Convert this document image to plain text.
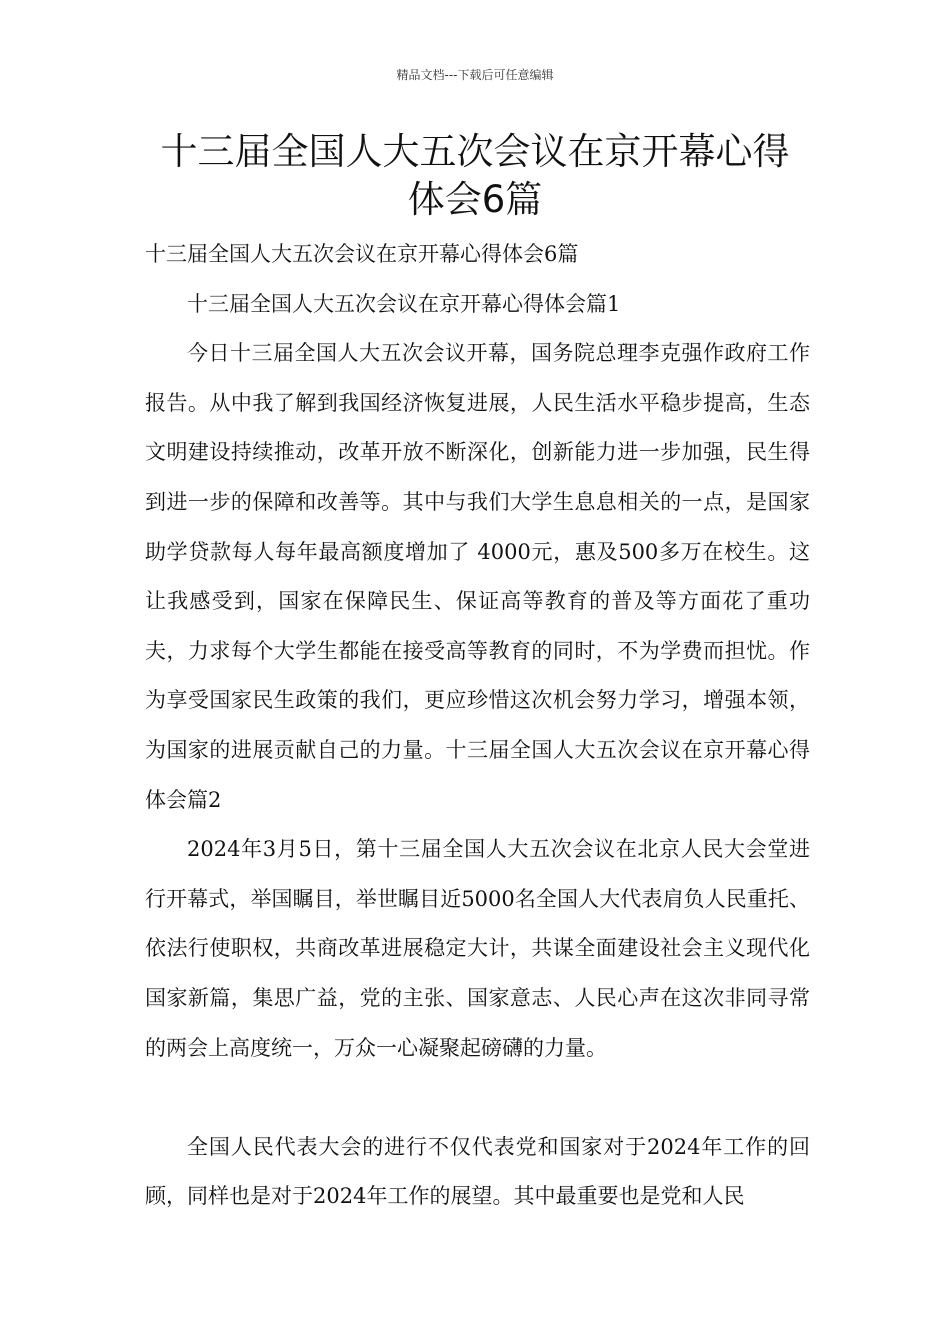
精品文档---下载后可任意编辑
十三届全国人大五次会议在京开幕心得体会6篇

十三届全国人大五次会议在京开幕心得体会6篇

十三届全国人大五次会议在京开幕心得体会篇1

今日十三届全国人大五次会议开幕，国务院总理李克强作政府工作报告。从中我了解到我国经济恢复进展，人民生活水平稳步提高，生态文明建设持续推动，改革开放不断深化，创新能力进一步加强，民生得到进一步的保障和改善等。其中与我们大学生息息相关的一点，是国家助学贷款每人每年最高额度增加了 4000元，惠及500多万在校生。这让我感受到，国家在保障民生、保证高等教育的普及等方面花了重功夫，力求每个大学生都能在接受高等教育的同时，不为学费而担忧。作为享受国家民生政策的我们，更应珍惜这次机会努力学习，增强本领，为国家的进展贡献自己的力量。十三届全国人大五次会议在京开幕心得体会篇2

2024年3月5日，第十三届全国人大五次会议在北京人民大会堂进行开幕式，举国瞩目，举世瞩目近5000名全国人大代表肩负人民重托、依法行使职权，共商改革进展稳定大计，共谋全面建设社会主义现代化国家新篇，集思广益，党的主张、国家意志、人民心声在这次非同寻常的两会上高度统一，万众一心凝聚起磅礴的力量。

全国人民代表大会的进行不仅代表党和国家对于2024年工作的回顾，同样也是对于2024年工作的展望。其中最重要也是党和人民
